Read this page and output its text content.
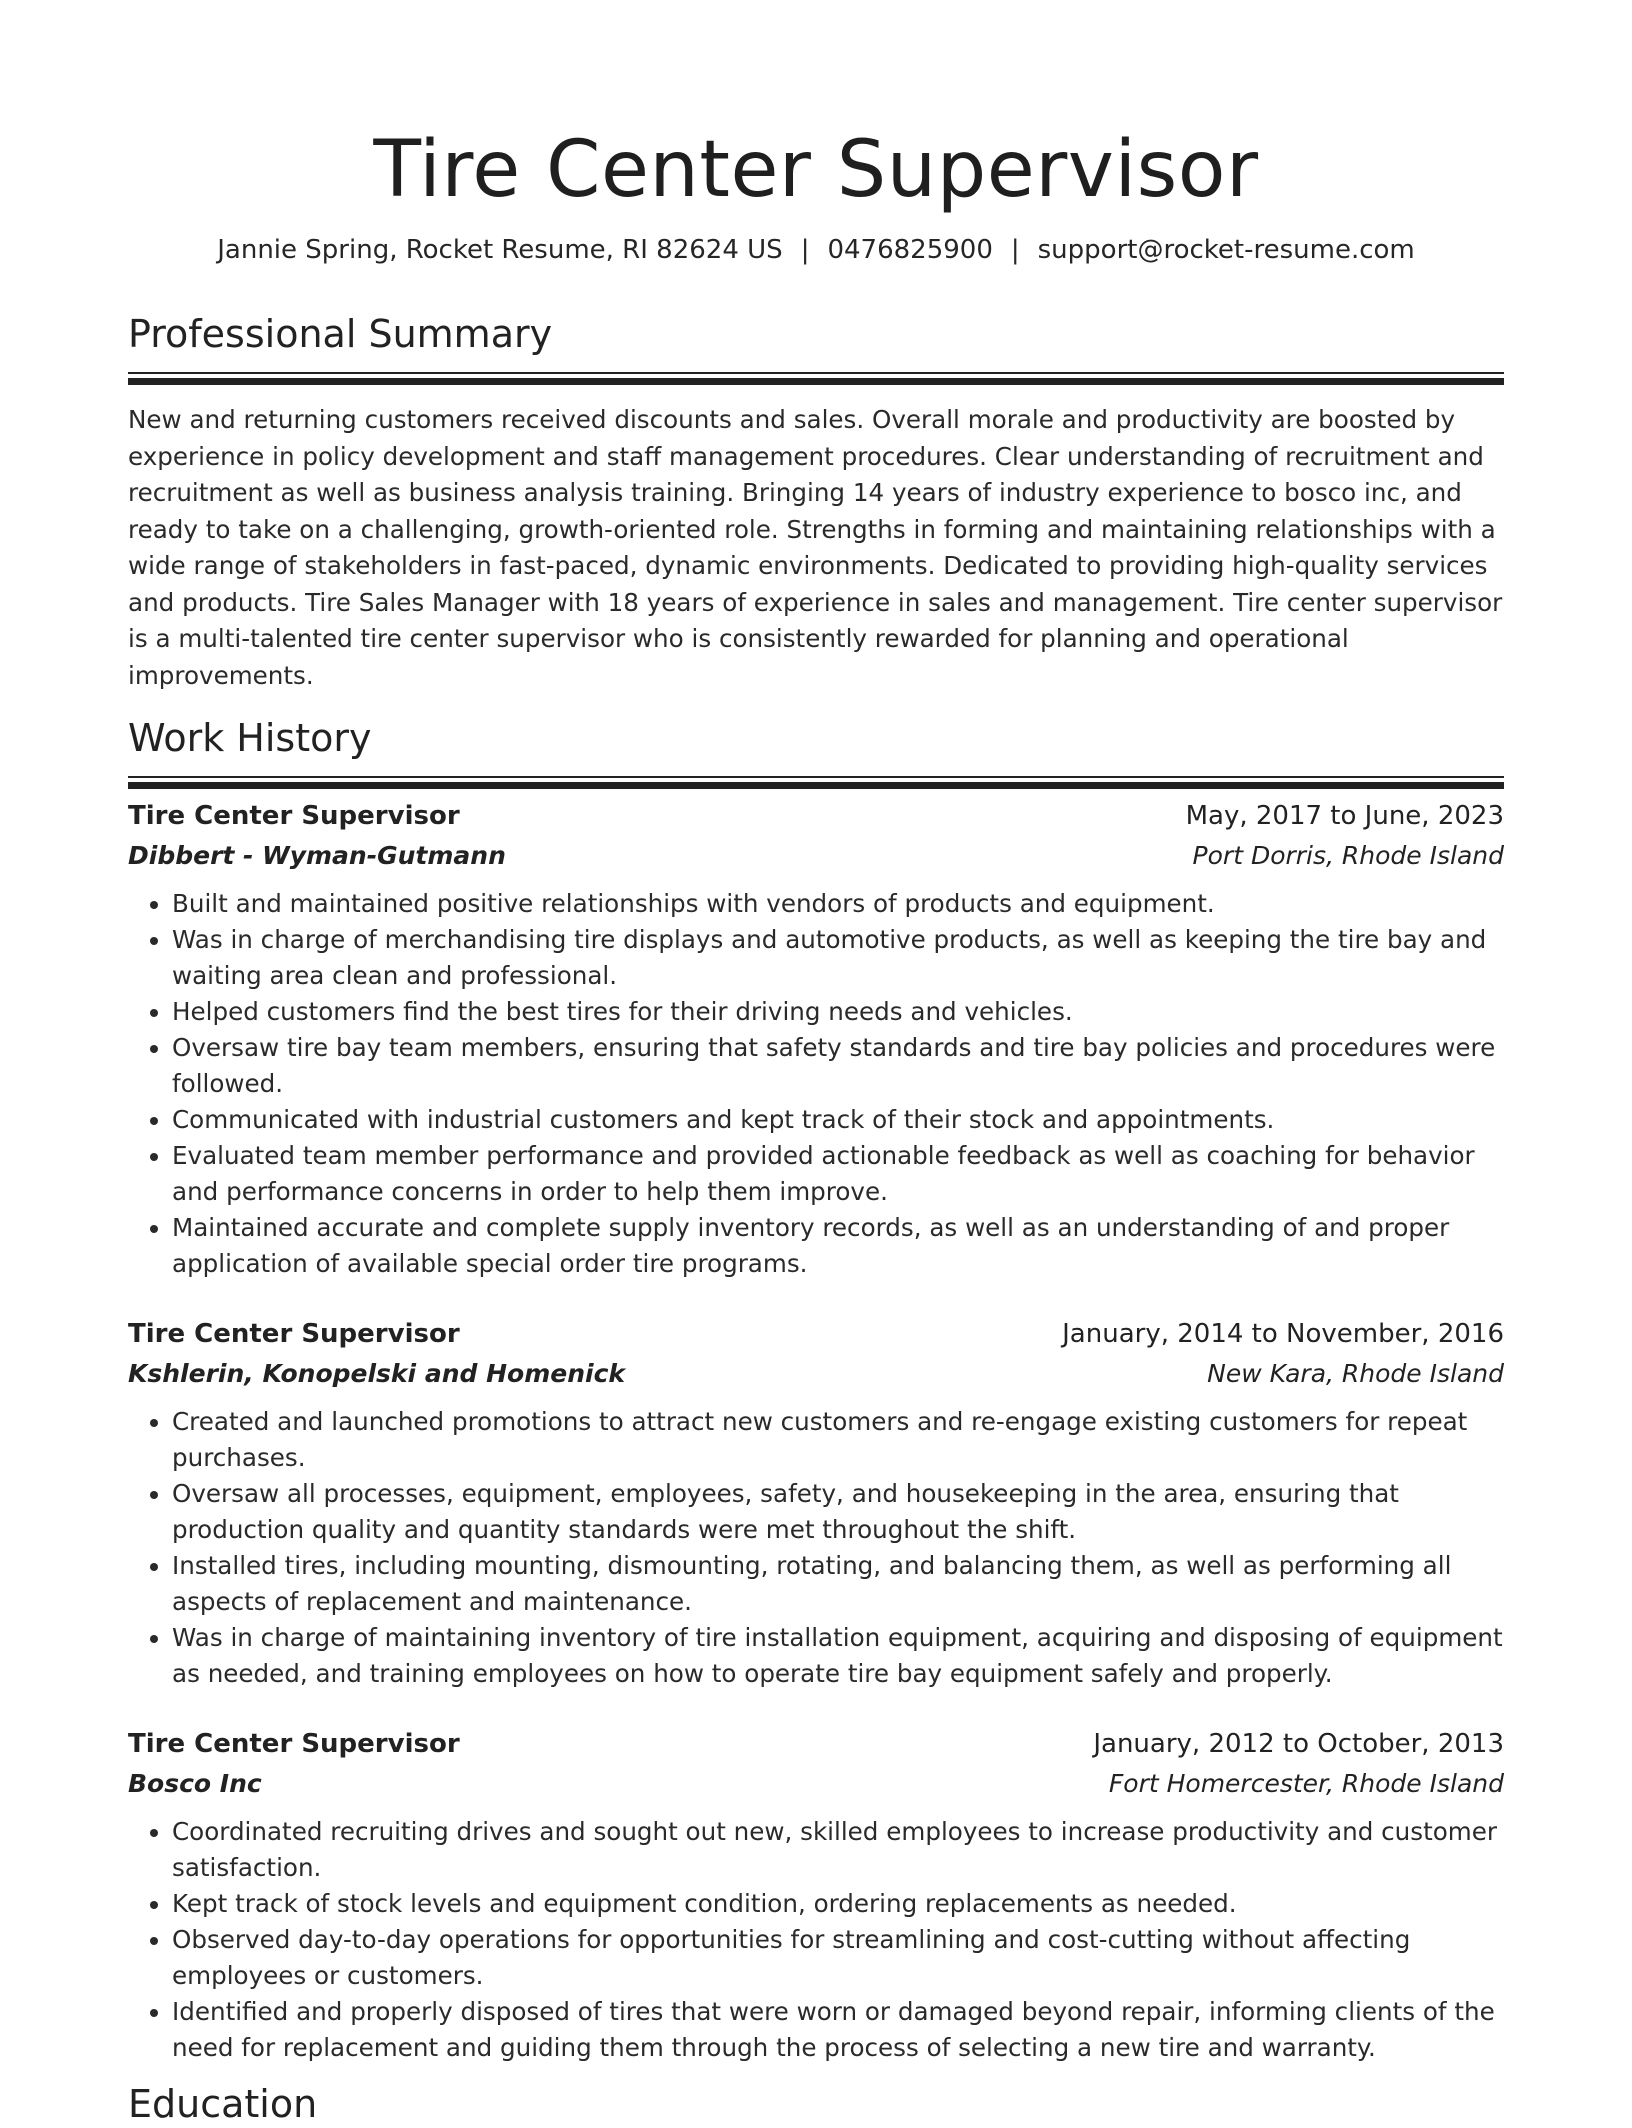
Tire Center Supervisor
Jannie Spring, Rocket Resume, RI 82624 US | 0476825900 | support@rocket-resume.com
Professional Summary
New and returning customers received discounts and sales. Overall morale and productivity are boosted by experience in policy development and staff management procedures. Clear understanding of recruitment and recruitment as well as business analysis training. Bringing 14 years of industry experience to bosco inc, and ready to take on a challenging, growth-oriented role. Strengths in forming and maintaining relationships with a wide range of stakeholders in fast-paced, dynamic environments. Dedicated to providing high-quality services and products. Tire Sales Manager with 18 years of experience in sales and management. Tire center supervisor is a multi-talented tire center supervisor who is consistently rewarded for planning and operational improvements.
Work History
Tire Center Supervisor	May, 2017 to June, 2023
Dibbert - Wyman-Gutmann	Port Dorris, Rhode Island
• Built and maintained positive relationships with vendors of products and equipment.
• Was in charge of merchandising tire displays and automotive products, as well as keeping the tire bay and waiting area clean and professional.
• Helped customers find the best tires for their driving needs and vehicles.
• Oversaw tire bay team members, ensuring that safety standards and tire bay policies and procedures were followed.
• Communicated with industrial customers and kept track of their stock and appointments.
• Evaluated team member performance and provided actionable feedback as well as coaching for behavior and performance concerns in order to help them improve.
• Maintained accurate and complete supply inventory records, as well as an understanding of and proper application of available special order tire programs.
Tire Center Supervisor	January, 2014 to November, 2016
Kshlerin, Konopelski and Homenick	New Kara, Rhode Island
• Created and launched promotions to attract new customers and re-engage existing customers for repeat purchases.
• Oversaw all processes, equipment, employees, safety, and housekeeping in the area, ensuring that production quality and quantity standards were met throughout the shift.
• Installed tires, including mounting, dismounting, rotating, and balancing them, as well as performing all aspects of replacement and maintenance.
• Was in charge of maintaining inventory of tire installation equipment, acquiring and disposing of equipment as needed, and training employees on how to operate tire bay equipment safely and properly.
Tire Center Supervisor	January, 2012 to October, 2013
Bosco Inc	Fort Homercester, Rhode Island
• Coordinated recruiting drives and sought out new, skilled employees to increase productivity and customer satisfaction.
• Kept track of stock levels and equipment condition, ordering replacements as needed.
• Observed day-to-day operations for opportunities for streamlining and cost-cutting without affecting employees or customers.
• Identified and properly disposed of tires that were worn or damaged beyond repair, informing clients of the need for replacement and guiding them through the process of selecting a new tire and warranty.
Education
